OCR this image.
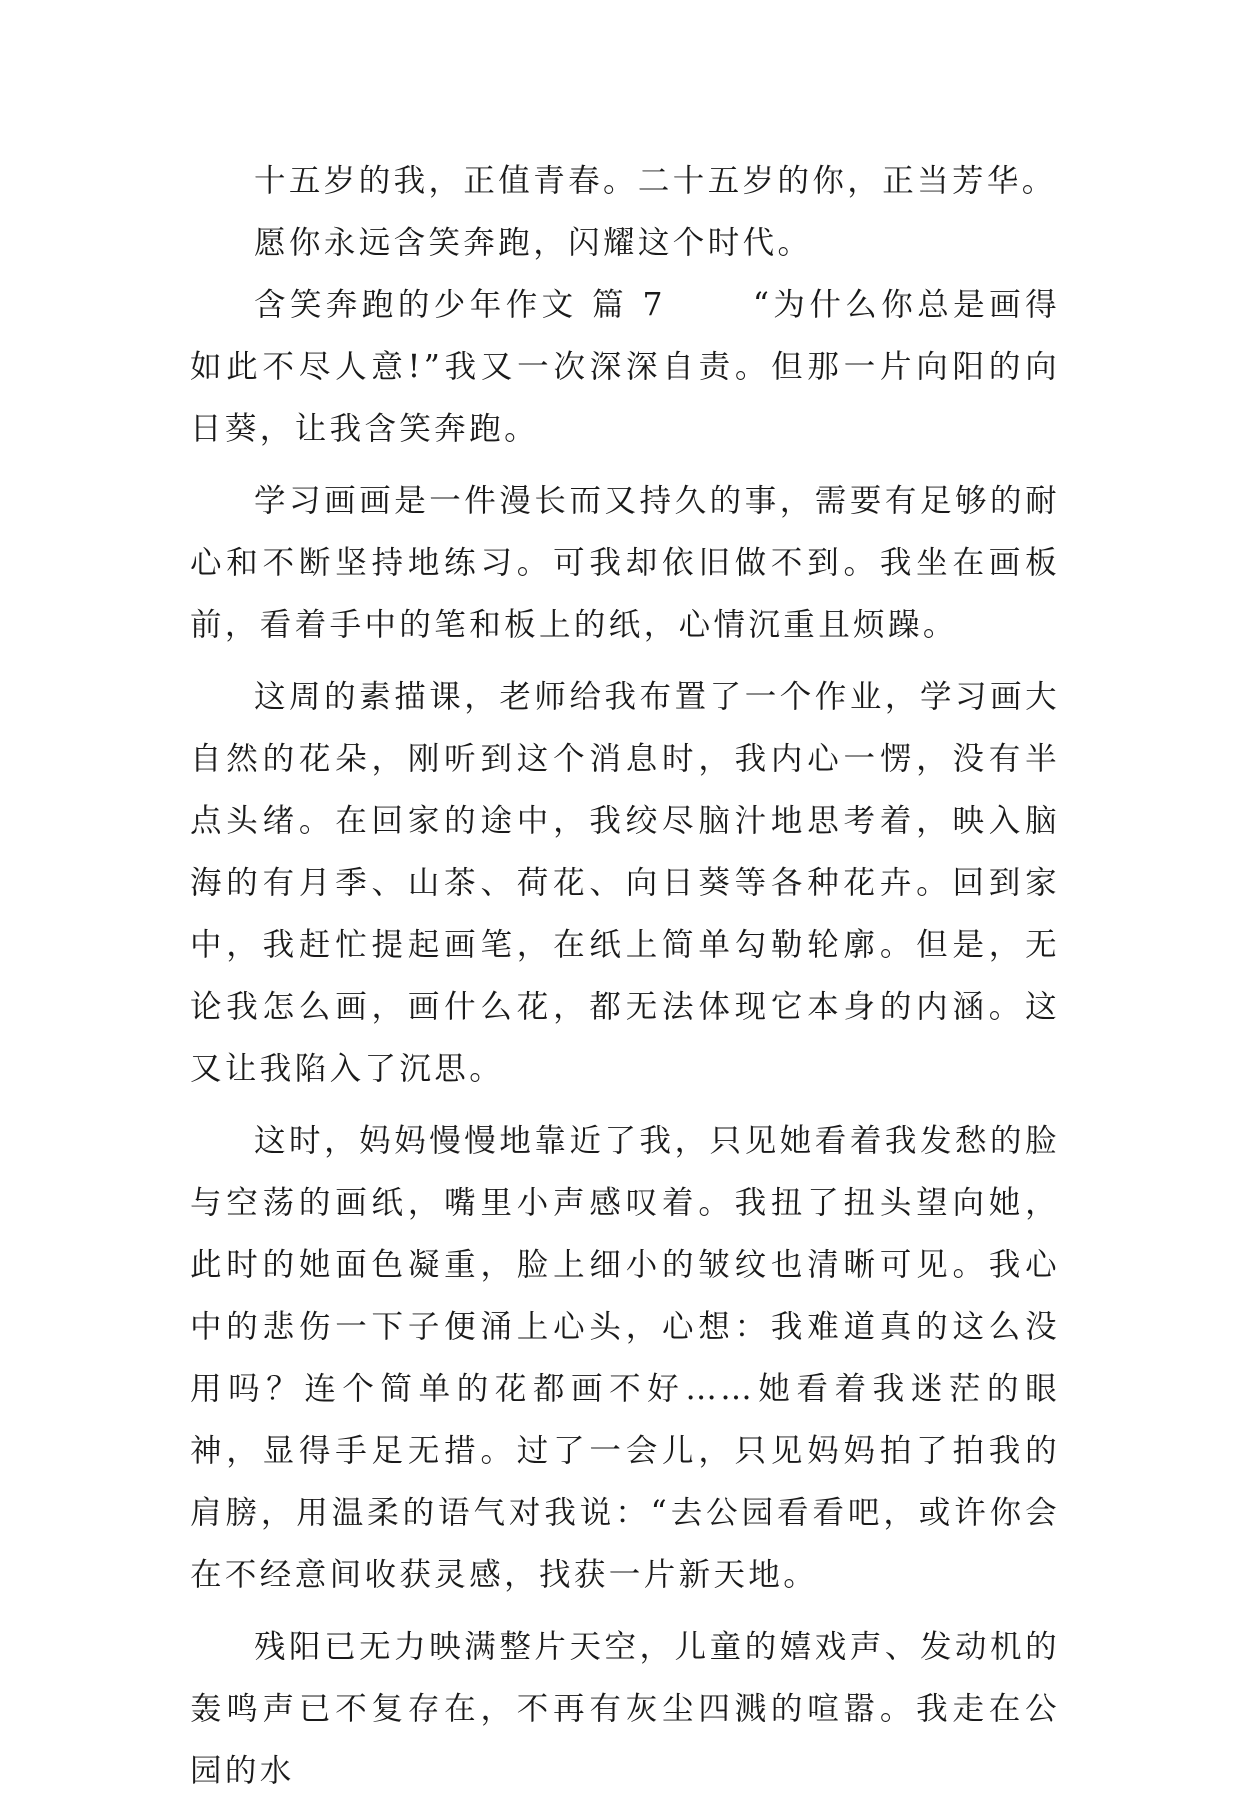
十五岁的我，正值青春。二十五岁的你，正当芳华。

愿你永远含笑奔跑，闪耀这个时代。

含笑奔跑的少年作文 篇 7	“为什么你总是画得如此不尽人意!”我又一次深深自责。但那一片向阳的向日葵，让我含笑奔跑。

学习画画是一件漫长而又持久的事，需要有足够的耐心和不断坚持地练习。可我却依旧做不到。我坐在画板前，看着手中的笔和板上的纸，心情沉重且烦躁。

这周的素描课，老师给我布置了一个作业，学习画大自然的花朵，刚听到这个消息时，我内心一愣，没有半点头绪。在回家的途中，我绞尽脑汁地思考着，映入脑海的有月季、山茶、荷花、向日葵等各种花卉。回到家中，我赶忙提起画笔，在纸上简单勾勒轮廓。但是，无论我怎么画，画什么花，都无法体现它本身的内涵。这又让我陷入了沉思。

这时，妈妈慢慢地靠近了我，只见她看着我发愁的脸与空荡的画纸，嘴里小声感叹着。我扭了扭头望向她，此时的她面色凝重，脸上细小的皱纹也清晰可见。我心中的悲伤一下子便涌上心头，心想：我难道真的这么没用吗？连个简单的花都画不好……她看着我迷茫的眼神，显得手足无措。过了一会儿，只见妈妈拍了拍我的肩膀，用温柔的语气对我说：“去公园看看吧，或许你会在不经意间收获灵感，找获一片新天地。

残阳已无力映满整片天空，儿童的嬉戏声、发动机的轰鸣声已不复存在，不再有灰尘四溅的喧嚣。我走在公园的水
